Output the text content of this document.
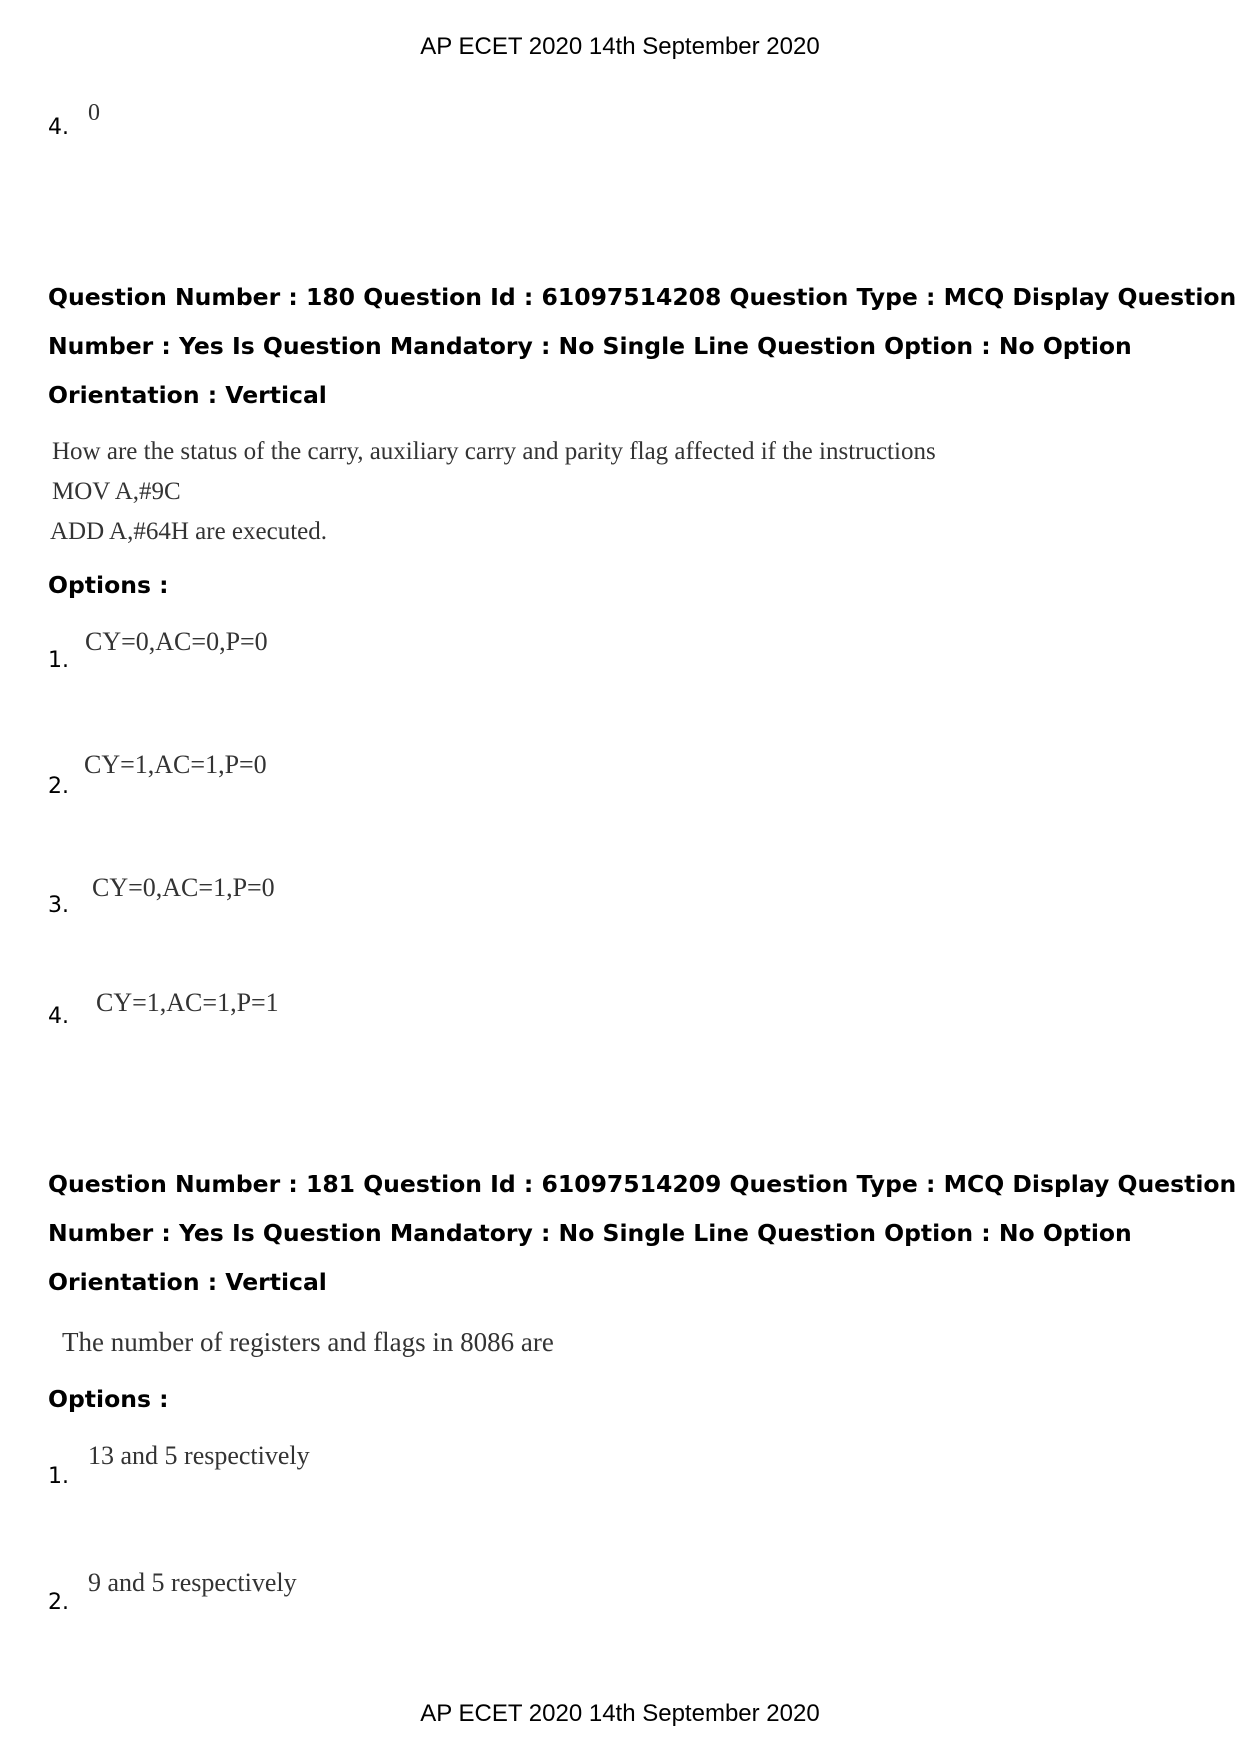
AP ECET 2020 14th September 2020
4.
0
Question Number : 180 Question Id : 61097514208 Question Type : MCQ Display Question
Number : Yes Is Question Mandatory : No Single Line Question Option : No Option
Orientation : Vertical
How are the status of the carry, auxiliary carry and parity flag affected if the instructions
MOV A,#9C
ADD A,#64H are executed.
Options :
1.
CY=0,AC=0,P=0
2.
CY=1,AC=1,P=0
3.
CY=0,AC=1,P=0
4. CY=1,AC=1,P=1
Question Number : 181 Question Id : 61097514209 Question Type : MCQ Display Question
Number : Yes Is Question Mandatory : No Single Line Question Option : No Option
Orientation : Vertical
The number of registers and flags in 8086 are
Options :
1.
13 and 5 respectively
2.
9 and 5 respectively
AP ECET 2020 14th September 2020
